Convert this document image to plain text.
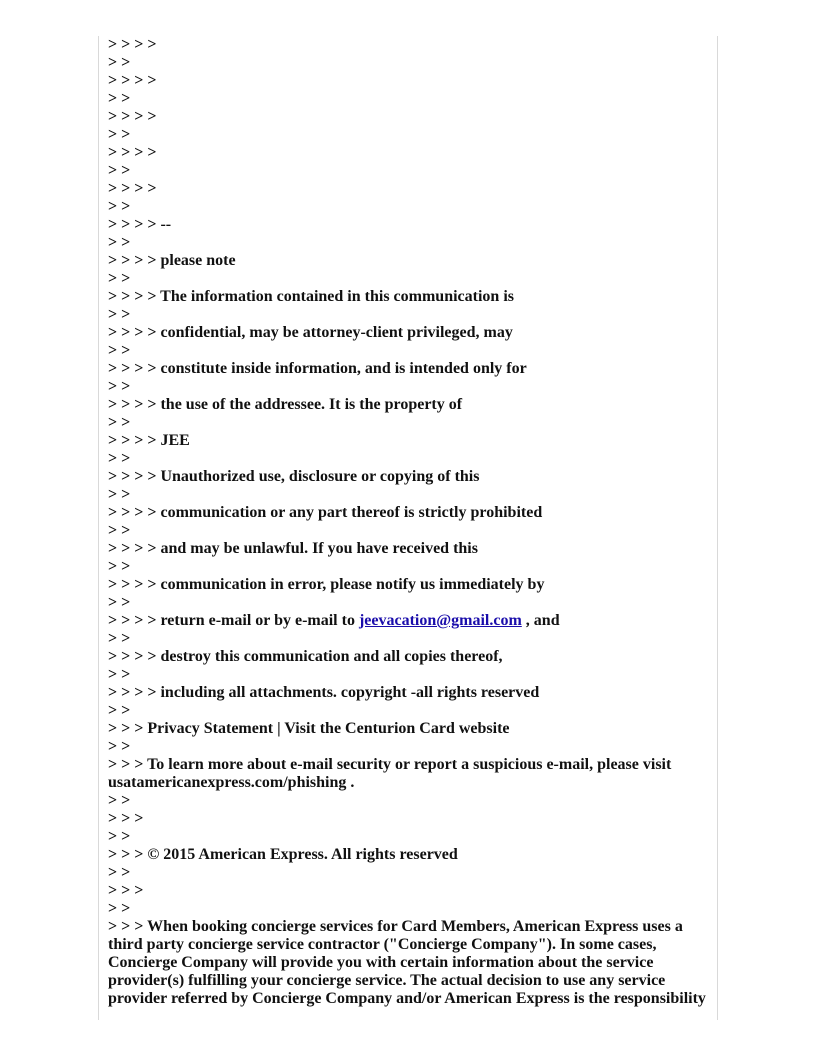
> > > >

> >

> > > >

> >

> > > >

> >

> > > >

> >

> > > >

> >

> > > > --

> >

> > > > please note

> >

> > > > The information contained in this communication is

> >

> > > > confidential, may be attorney-client privileged, may

> >

> > > > constitute inside information, and is intended only for

> >

> > > > the use of the addressee. It is the property of

> >

> > > > JEE

> >

> > > > Unauthorized use, disclosure or copying of this

> >

> > > > communication or any part thereof is strictly prohibited

> >

> > > > and may be unlawful. If you have received this

> >

> > > > communication in error, please notify us immediately by

> >

> > > > return e-mail or by e-mail to jeevacation@gmail.com , and

> >

> > > > destroy this communication and all copies thereof,

> >

> > > > including all attachments. copyright -all rights reserved

> >

> > > Privacy Statement | Visit the Centurion Card website

> >

> > > To learn more about e-mail security or report a suspicious e-mail, please visit usatamericanexpress.com/phishing .

> >

> > >

> >

> > > © 2015 American Express. All rights reserved

> >

> > >

> >

> > > When booking concierge services for Card Members, American Express uses a third party concierge service contractor ("Concierge Company"). In some cases, Concierge Company will provide you with certain information about the service provider(s) fulfilling your concierge service. The actual decision to use any service provider referred by Concierge Company and/or American Express is the responsibility
